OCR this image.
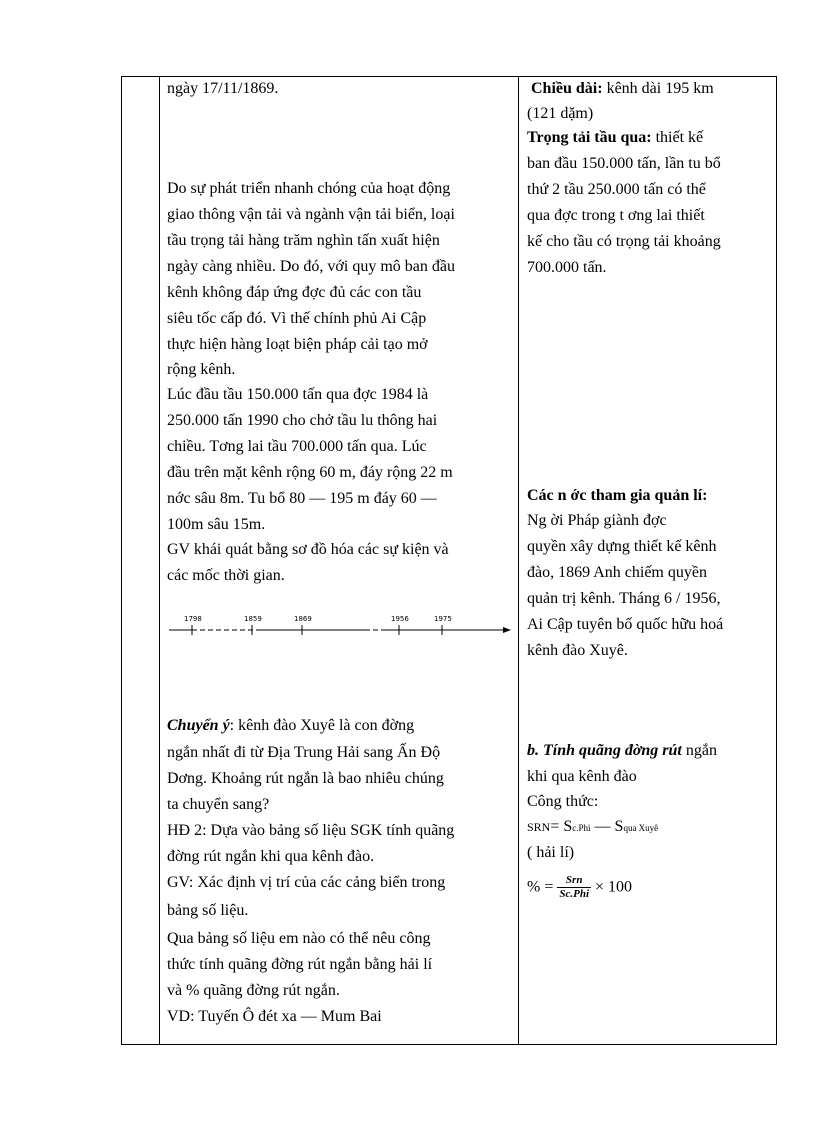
ngày 17/11/1869.

Do sự phát triển nhanh chóng của hoạt động

giao thông vận tải và ngành vận tải biển, loại

tầu trọng tải hàng trăm nghìn tấn xuất hiện

ngày càng nhiều. Do đó, với quy mô ban đầu

kênh không đáp ứng đợc đủ các con tầu

siêu tốc cấp đó. Vì thế chính phủ Ai Cập

thực hiện hàng loạt biện pháp cải tạo mở

rộng kênh.

Lúc đầu tầu 150.000 tấn qua đợc 1984 là

250.000 tấn 1990 cho chở tầu lu thông hai

chiều. Tơng lai tầu 700.000 tấn qua. Lúc

đầu trên mặt kênh rộng 60 m, đáy rộng 22 m

nớc sâu 8m. Tu bổ 80 — 195 m đáy 60 —

100m sâu 15m.

GV khái quát bằng sơ đồ hóa các sự kiện và

các mốc thời gian.

1798	1859	1869	1956	1975

Chuyển ý: kênh đào Xuyê là con đờng

ngắn nhất đi từ Địa Trung Hải sang Ấn Độ

Dơng. Khoảng rút ngắn là bao nhiêu chúng

ta chuyển sang?

HĐ 2: Dựa vào bảng số liệu SGK tính quãng

đờng rút ngắn khi qua kênh đào.

GV: Xác định vị trí của các cảng biển trong

bảng số liệu.

Qua bảng số liệu em nào có thể nêu công

thức tính quãng đờng rút ngắn bằng hải lí

và % quãng đờng rút ngắn.

VD: Tuyến Ô đét xa — Mum Bai

Chiều dài: kênh dài 195 km

(121 dặm)

Trọng tải tầu qua: thiết kế

ban đầu 150.000 tấn, lần tu bổ

thứ 2 tầu 250.000 tấn có thể

qua đợc trong t ơng lai thiết

kế cho tầu có trọng tải khoảng

700.000 tấn.

Các n ớc tham gia quản lí:

Ng ời Pháp giành đợc

quyền xây dựng thiết kế kênh

đào, 1869 Anh chiếm quyền

quản trị kênh. Tháng 6 / 1956,

Ai Cập tuyên bố quốc hữu hoá

kênh đào Xuyê.

b. Tính quãng đờng rút ngắn

khi qua kênh đào

Công thức:

SRN= Sc.Phi — Squa Xuyê

( hải lí)

% = $\frac{\text{Srn}}{\text{Sc.Phi}} \times 100$
